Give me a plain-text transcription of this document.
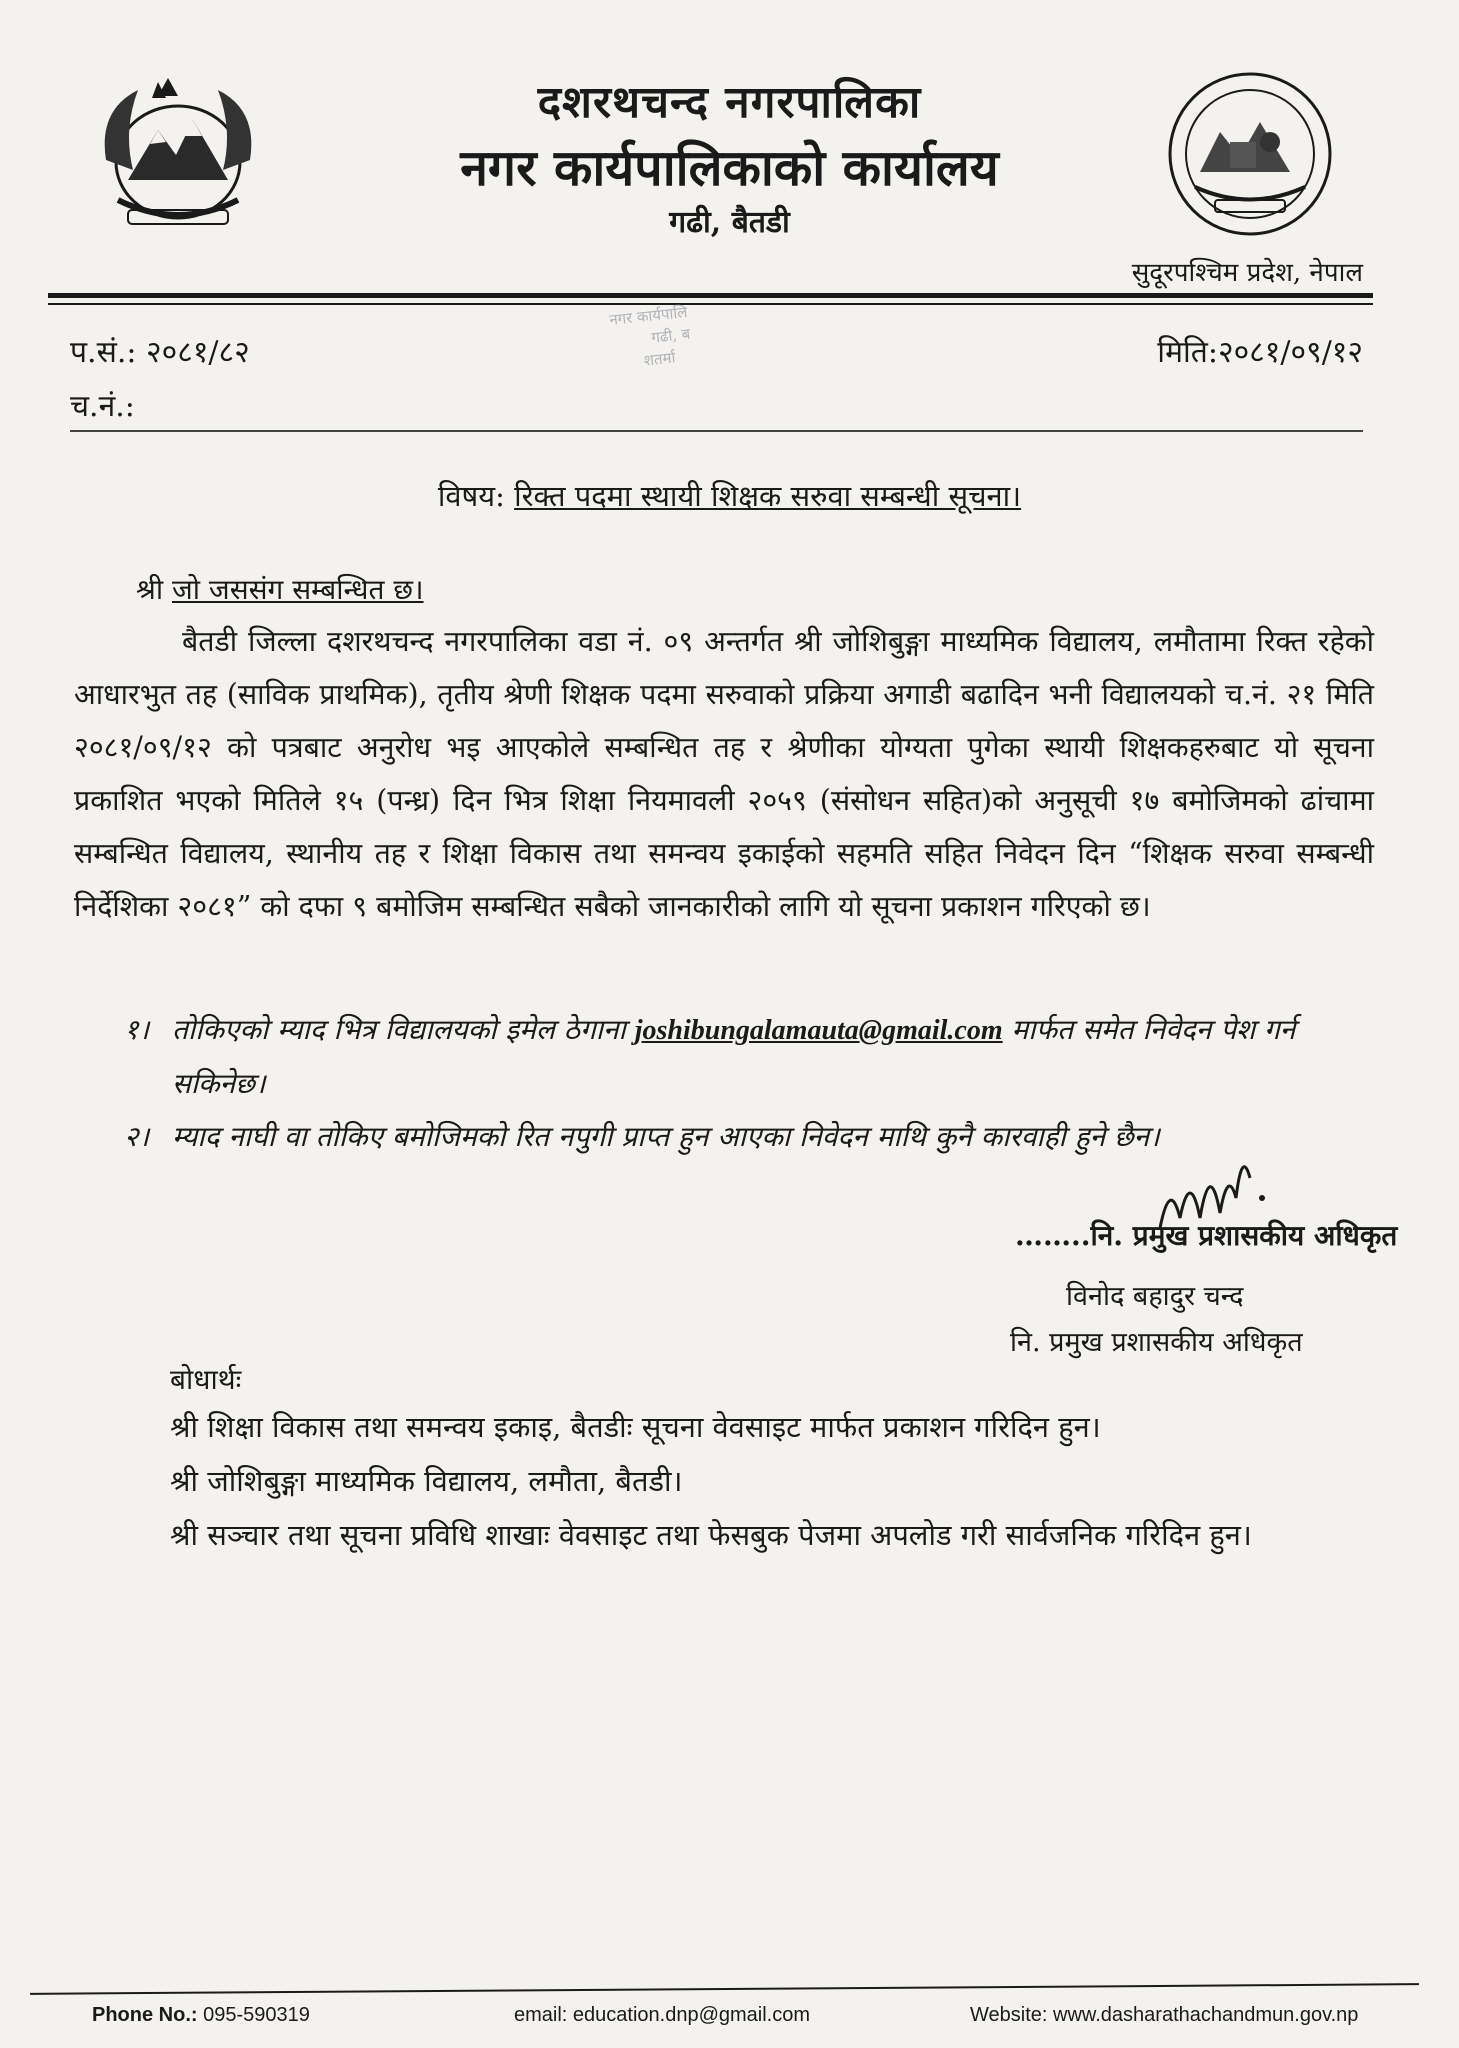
दशरथचन्द नगरपालिका
नगर कार्यपालिकाको कार्यालय
गढी, बैतडी
सुदूरपश्चिम प्रदेश, नेपाल
नगर कार्यपालि
गढी, ब
शतर्मा
प.सं.: २०८१/८२
च.नं.:
मिति:२०८१/०९/१२
विषय: रिक्त पदमा स्थायी शिक्षक सरुवा सम्बन्धी सूचना।
श्री जो जससंग सम्बन्धित छ।
बैतडी जिल्ला दशरथचन्द नगरपालिका वडा नं. ०९ अन्तर्गत श्री जोशिबुङ्गा माध्यमिक विद्यालय, लमौतामा रिक्त रहेको आधारभुत तह (साविक प्राथमिक), तृतीय श्रेणी शिक्षक पदमा सरुवाको प्रक्रिया अगाडी बढादिन भनी विद्यालयको च.नं. २१ मिति २०८१/०९/१२ को पत्रबाट अनुरोध भइ आएकोले सम्बन्धित तह र श्रेणीका योग्यता पुगेका स्थायी शिक्षकहरुबाट यो सूचना प्रकाशित भएको मितिले १५ (पन्ध्र) दिन भित्र शिक्षा नियमावली २०५९ (संसोधन सहित)को अनुसूची १७ बमोजिमको ढांचामा सम्बन्धित विद्यालय, स्थानीय तह र शिक्षा विकास तथा समन्वय इकाईको सहमति सहित निवेदन दिन “शिक्षक सरुवा सम्बन्धी निर्देशिका २०८१” को दफा ९ बमोजिम सम्बन्धित सबैको जानकारीको लागि यो सूचना प्रकाशन गरिएको छ।
१। तोकिएको म्याद भित्र विद्यालयको इमेल ठेगाना joshibungalamauta@gmail.com मार्फत समेत निवेदन पेश गर्न सकिनेछ।
२। म्याद नाघी वा तोकिए बमोजिमको रित नपुगी प्राप्त हुन आएका निवेदन माथि कुनै कारवाही हुने छैन।
……..नि. प्रमुख प्रशासकीय अधिकृत
विनोद बहादुर चन्द
नि. प्रमुख प्रशासकीय अधिकृत
बोधार्थः
श्री शिक्षा विकास तथा समन्वय इकाइ, बैतडीः सूचना वेवसाइट मार्फत प्रकाशन गरिदिन हुन।
श्री जोशिबुङ्गा माध्यमिक विद्यालय, लमौता, बैतडी।
श्री सञ्चार तथा सूचना प्रविधि शाखाः वेवसाइट तथा फेसबुक पेजमा अपलोड गरी सार्वजनिक गरिदिन हुन।
Phone No.: 095-590319	email: education.dnp@gmail.com	Website: www.dasharathachandmun.gov.np
